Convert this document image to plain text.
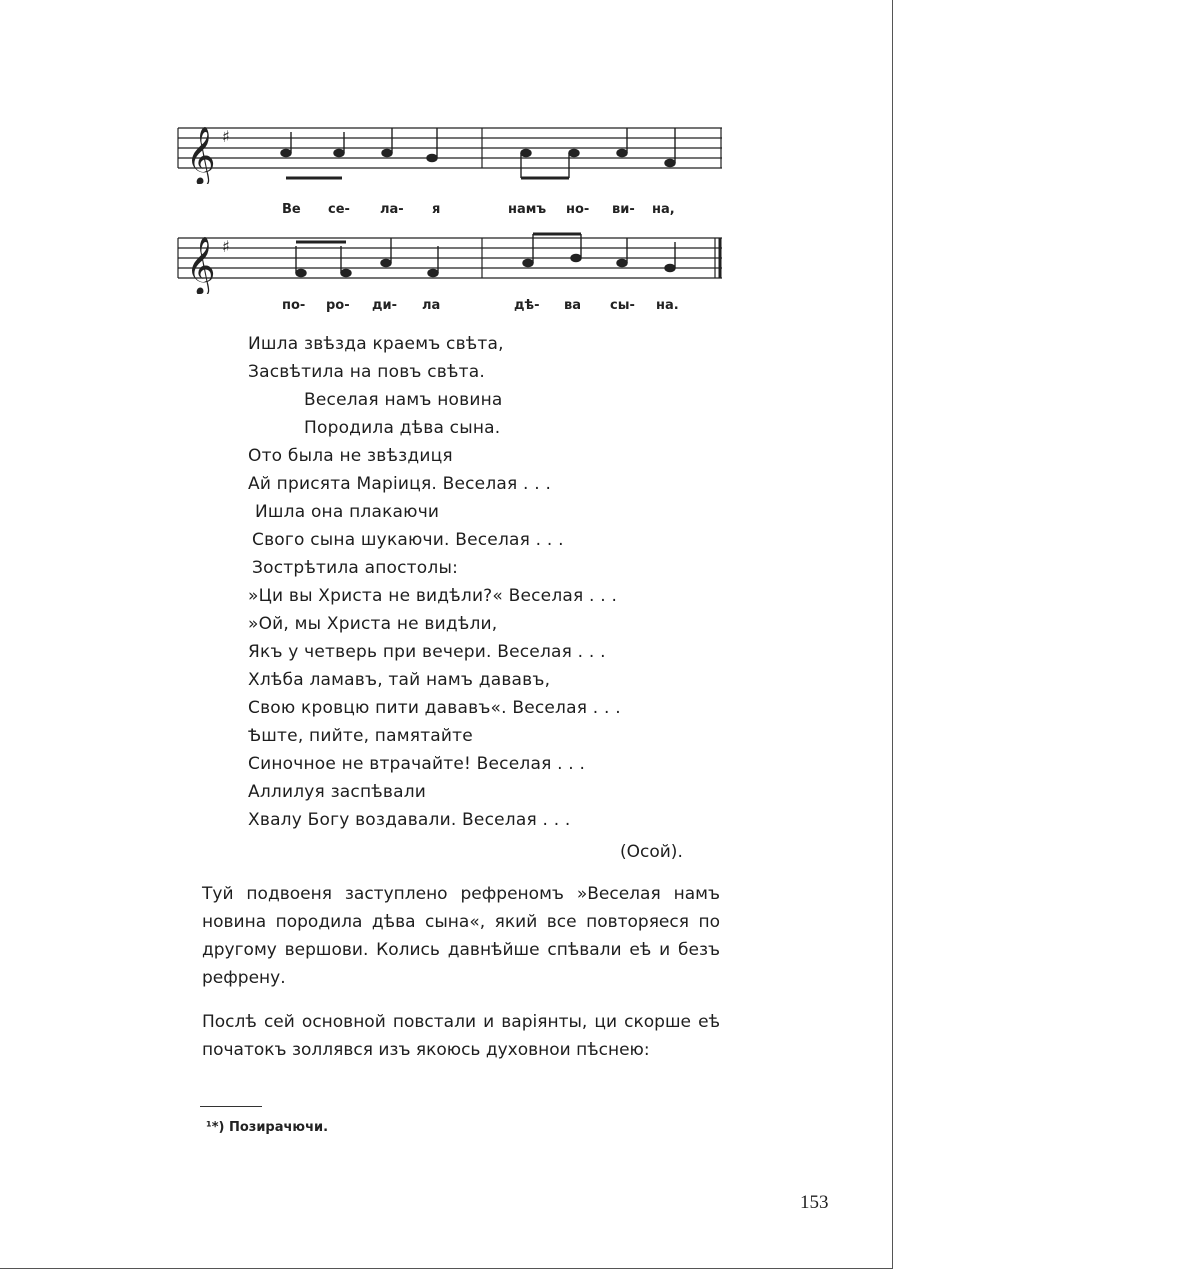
𝄞 ♯
Ве се- ла- я	намъ но- ви- на,
𝄞 ♯
по- ро- ди- ла	дѣ- ва сы- на.
Ишла звѣзда краемъ свѣта,
Засвѣтила на повъ свѣта.
Веселая намъ новина
Породила дѣва сына.
Ото была не звѣздиця
Ай присята Марiиця. Веселая . . .
Ишла она плакаючи
Свого сына шукаючи. Веселая . . .
Зострѣтила апостолы:
»Ци вы Христа не видѣли?« Веселая . . .
»Ой, мы Христа не видѣли,
Якъ у четверь при вечери. Веселая . . .
Хлѣба ламавъ, тай намъ дававъ,
Свою кровцю пити дававъ«. Веселая . . .
Ѣште, пийте, памятайте
Синочное не втрачайте! Веселая . . .
Аллилуя заспѣвали
Хвалу Богу воздавали. Веселая . . .
(Осой).

Туй подвоеня заступлено рефреномъ »Веселая намъ новина породила дѣва сына«, який все повторяеся по другому вершови. Колись давнѣйше спѣвали еѣ и безъ рефрену.

Послѣ сей основной повстали и варiянты, ци скорше еѣ початокъ золлявся изъ якоюсь духовнои пѣснею:

¹*) Позирачючи.
153
